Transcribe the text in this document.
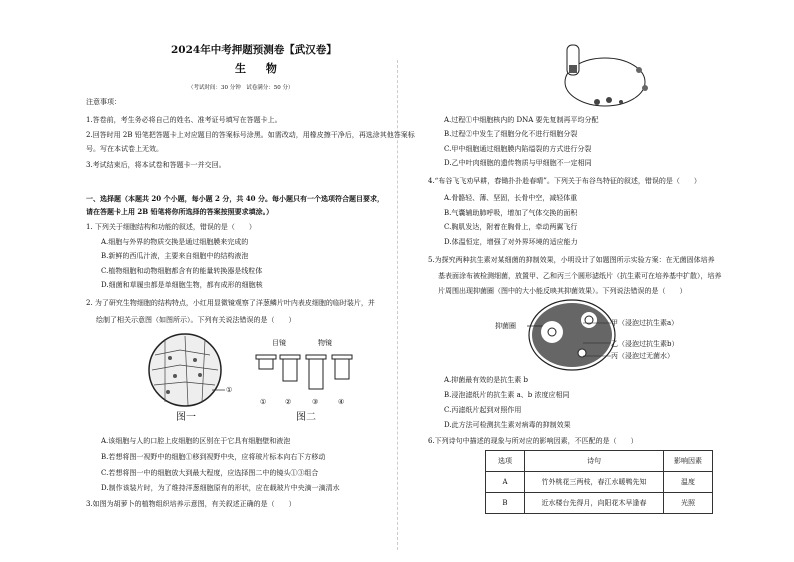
2024年中考押题预测卷【武汉卷】
生 物
（考试时间：30 分钟　试卷满分：50 分）
注意事项：
1.答卷前，考生务必将自己的姓名、准考证号填写在答题卡上。
2.回答时用 2B 铅笔把答题卡上对应题目的答案标号涂黑。如需改动，用橡皮擦干净后，再选涂其他答案标
号。写在本试卷上无效。
3.考试结束后，将本试卷和答题卡一并交回。
一、选择题（本题共 20 个小题，每小题 2 分，共 40 分。每小题只有一个选项符合题目要求，
请在答题卡上用 2B 铅笔将你所选择的答案按照要求填涂。）
1. 下列关于细胞结构和功能的叙述，错误的是（　　）
A.细胞与外界的物质交换是通过细胞膜来完成的
B.新鲜的西瓜汁液，主要来自细胞中的结构液泡
C.植物细胞和动物细胞都含有的能量转换器是线粒体
D.细菌和草履虫都是单细胞生物，都有成形的细胞核
2. 为了研究生物细胞的结构特点，小红用显微镜观察了洋葱鳞片叶内表皮细胞的临时装片，并
绘制了相关示意图（如图所示）。下列有关说法错误的是（　　）
①
图一
目镜	物镜
①	②	③	④
图二
A.该细胞与人的口腔上皮细胞的区别在于它具有细胞壁和液泡
B.若想将图一视野中的细胞①移到视野中央，应将玻片标本向右下方移动
C.若想将图一中的细胞放大到最大程度，应选择图二中的镜头①③组合
D.制作该装片时，为了维持洋葱细胞原有的形状，应在载玻片中央滴一滴清水
3.如图为胡萝卜的植物组织培养示意图，有关叙述正确的是（　　）
A.过程①中细胞核内的 DNA 要先复制再平均分配
B.过程②中发生了细胞分化不进行细胞分裂
C.甲中细胞通过细胞膜内陷缢裂的方式进行分裂
D.乙中叶肉细胞的遗传物质与甲细胞不一定相同
4.“布谷飞飞劝早耕，舂锄扑扑趁春晴”。下列关于布谷鸟特征的叙述，错误的是（　　）
A.骨骼轻、薄、坚固，长骨中空，减轻体重
B.气囊辅助肺呼吸，增加了气体交换的面积
C.胸肌发达，附着在胸骨上，牵动两翼飞行
D.体温恒定，增强了对外界环境的适应能力
5.为探究两种抗生素对某细菌的抑制效果，小明设计了如题图所示实验方案：在无菌固体培养
基表面涂布被检测细菌，放置甲、乙和丙三个圆形滤纸片（抗生素可在培养基中扩散），培养
片周围出现抑菌圈（图中的大小能反映其抑菌效果）。下列说法错误的是（　　）
抑菌圈	甲（浸泡过抗生素a）
乙（浸泡过抗生素b）
丙（浸泡过无菌水）
A.抑菌最有效的是抗生素 b
B.浸泡滤纸片的抗生素 a、b 浓度应相同
C.丙滤纸片起到对照作用
D.此方法可检测抗生素对病毒的抑制效果
6.下列诗句中描述的现象与所对应的影响因素，不匹配的是（　　）
选项	诗句	影响因素
A	竹外桃花三两枝，春江水暖鸭先知	温度
B	近水楼台先得月，向阳花木早逢春	光照
